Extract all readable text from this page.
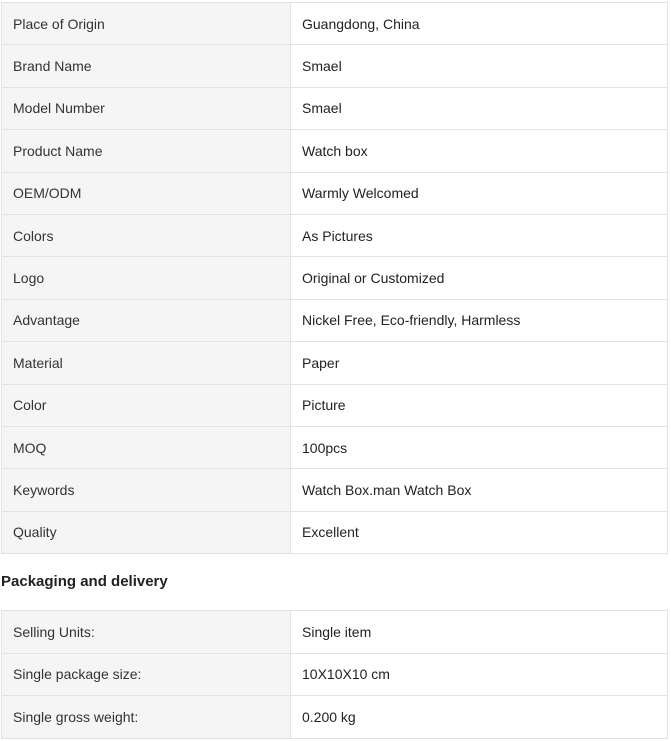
Place of Origin	Guangdong, China
Brand Name	Smael
Model Number	Smael
Product Name	Watch box
OEM/ODM	Warmly Welcomed
Colors	As Pictures
Logo	Original or Customized
Advantage	Nickel Free, Eco-friendly, Harmless
Material	Paper
Color	Picture
MOQ	100pcs
Keywords	Watch Box.man Watch Box
Quality	Excellent
Packaging and delivery
Selling Units:	Single item
Single package size:	10X10X10 cm
Single gross weight:	0.200 kg
